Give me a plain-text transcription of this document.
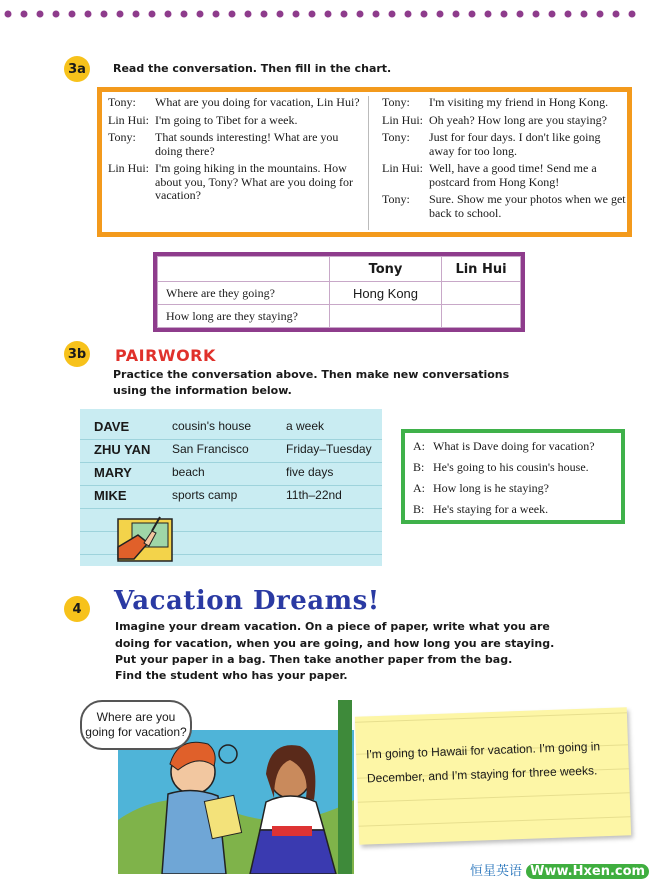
3a	Read the conversation. Then fill in the chart.
Tony:	What are you doing for vacation, Lin Hui?
Lin Hui: I'm going to Tibet for a week.
Tony:	That sounds interesting! What are you doing there?
Lin Hui: I'm going hiking in the mountains. How about you, Tony? What are you doing for vacation?
Tony:	I'm visiting my friend in Hong Kong.
Lin Hui: Oh yeah? How long are you staying?
Tony:	Just for four days. I don't like going away for too long.
Lin Hui: Well, have a good time! Send me a postcard from Hong Kong!
Tony:	Sure. Show me your photos when we get back to school.
	Tony	Lin Hui
Where are they going?	Hong Kong	
How long are they staying?		
3b PAIRWORK
Practice the conversation above. Then make new conversations
using the information below.
DAVE	cousin's house	a week
ZHU YAN	San Francisco	Friday–Tuesday
MARY	beach	five days
MIKE	sports camp	11th–22nd
A: What is Dave doing for vacation?
B: He's going to his cousin's house.
A: How long is he staying?
B: He's staying for a week.
4	Vacation Dreams!
Imagine your dream vacation. On a piece of paper, write what you are
doing for vacation, when you are going, and how long you are staying.
Put your paper in a bag. Then take another paper from the bag.
Find the student who has your paper.
Where are you going for vacation?
I'm going to Hawaii for vacation. I'm going in December, and I'm staying for three weeks.
恒星英语 Www.Hxen.com
